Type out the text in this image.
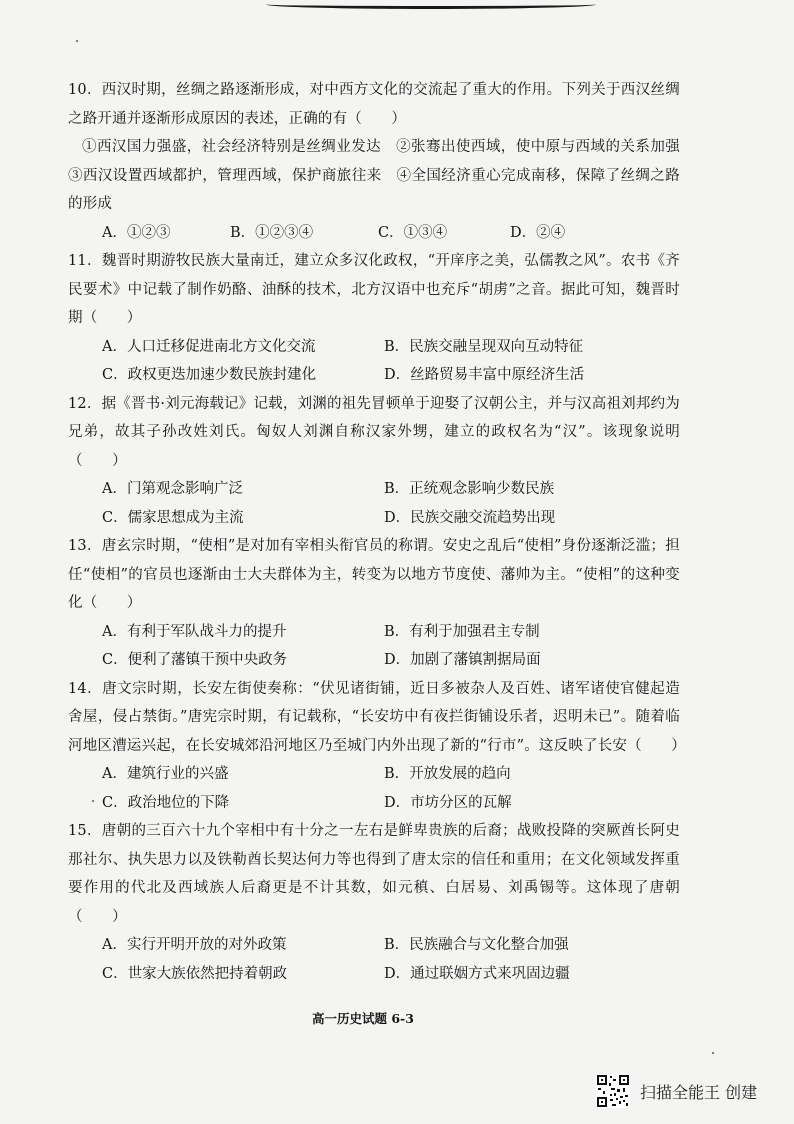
10．西汉时期，丝绸之路逐渐形成，对中西方文化的交流起了重大的作用。下列关于西汉丝绸之路开通并逐渐形成原因的表述，正确的有（　　）

①西汉国力强盛，社会经济特别是丝绸业发达　②张骞出使西域，使中原与西域的关系加强　③西汉设置西域都护，管理西域，保护商旅往来　④全国经济重心完成南移，保障了丝绸之路的形成

A．①②③	B．①②③④	C．①③④	D．②④

11．魏晋时期游牧民族大量南迁，建立众多汉化政权，“开庠序之美，弘儒教之风”。农书《齐民要术》中记载了制作奶酪、油酥的技术，北方汉语中也充斥“胡虏”之音。据此可知，魏晋时期（　　）

A．人口迁移促进南北方文化交流	B．民族交融呈现双向互动特征
C．政权更迭加速少数民族封建化	D．丝路贸易丰富中原经济生活

12．据《晋书·刘元海载记》记载，刘渊的祖先冒顿单于迎娶了汉朝公主，并与汉高祖刘邦约为兄弟，故其子孙改姓刘氏。匈奴人刘渊自称汉家外甥，建立的政权名为“汉”。该现象说明（　　）

A．门第观念影响广泛	B．正统观念影响少数民族
C．儒家思想成为主流	D．民族交融交流趋势出现

13．唐玄宗时期，“使相”是对加有宰相头衔官员的称谓。安史之乱后“使相”身份逐渐泛滥；担任“使相”的官员也逐渐由士大夫群体为主，转变为以地方节度使、藩帅为主。“使相”的这种变化（　　）

A．有利于军队战斗力的提升	B．有利于加强君主专制
C．便利了藩镇干预中央政务	D．加剧了藩镇割据局面

14．唐文宗时期，长安左街使奏称：“伏见诸街铺，近日多被杂人及百姓、诸军诸使官健起造舍屋，侵占禁街。”唐宪宗时期，有记载称，“长安坊中有夜拦街铺设乐者，迟明未已”。随着临河地区漕运兴起，在长安城郊沿河地区乃至城门内外出现了新的“行市”。这反映了长安（　　）

A．建筑行业的兴盛	B．开放发展的趋向
C．政治地位的下降	D．市坊分区的瓦解

15．唐朝的三百六十九个宰相中有十分之一左右是鲜卑贵族的后裔；战败投降的突厥酋长阿史那社尔、执失思力以及铁勒酋长契达何力等也得到了唐太宗的信任和重用；在文化领域发挥重要作用的代北及西域族人后裔更是不计其数，如元稹、白居易、刘禹锡等。这体现了唐朝（　　）

A．实行开明开放的对外政策	B．民族融合与文化整合加强
C．世家大族依然把持着朝政	D．通过联姻方式来巩固边疆
高一历史试题 6-3
扫描全能王 创建
